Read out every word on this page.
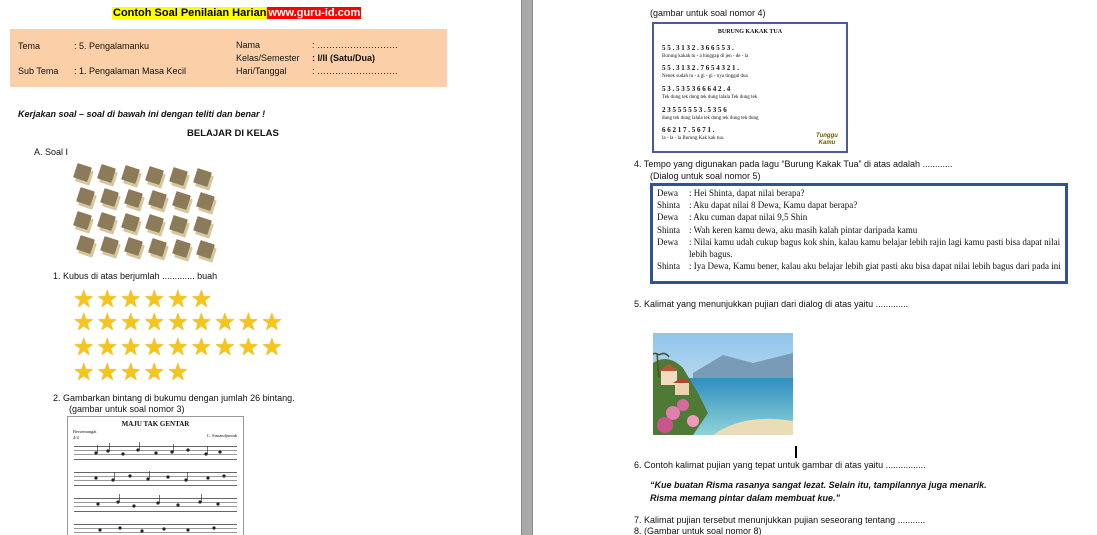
Contoh Soal Penilaian Harian www.guru-id.com
Tema	: 5. Pengalamanku
Sub Tema : 1. Pengalaman Masa Kecil
Nama	: ………………………
Kelas/Semester : I/II (Satu/Dua)
Hari/Tanggal	: ………………………
Kerjakan soal – soal di bawah ini dengan teliti dan benar !
BELAJAR DI KELAS
A. Soal I
1. Kubus di atas berjumlah ............. buah
★★★★★★
★★★★★★★★★
★★★★★★★★★
★★★★★
2. Gambarkan bintang di bukumu dengan jumlah 26 bintang.
(gambar untuk soal nomor 3)
MAJU TAK GENTAR
Bersemangat
4/4	C. Simandjuntak
(gambar untuk soal nomor 4)
BURUNG KAKAK TUA
5 5 . 3 1 3 2 . 3 6 6 5 5 3 .
Burung kakak tu - a hinggap di jen - de - la
5 5 . 3 1 3 2 . 7 6 5 4 3 2 1 .
Nenek sudah tu - a gi - gi - nya tinggal dua
5 3 . 5 3 5 3 6 6 6 4 2 . 4
Tek dung tek dung tek dung lalala Tek dung tek
2 3 5 5 5 5 5 3 . 5 3 5 6
dung tek dung lalala tek dung tek dung tek dung
6 6 2 1 7 . 5 6 7 1 .
la - la - la Burung Kak kak tua.	Tunggu Kamu
4. Tempo yang digunakan pada lagu “Burung Kakak Tua” di atas adalah ............
(Dialog untuk soal nomor 5)
Dewa	: Hei Shinta, dapat nilai berapa?
Shinta : Aku dapat nilai 8 Dewa, Kamu dapat berapa?
Dewa	: Aku cuman dapat nilai 9,5 Shin
Shinta : Wah keren kamu dewa, aku masih kalah pintar daripada kamu
Dewa	: Nilai kamu udah cukup bagus kok shin, kalau kamu belajar lebih rajin lagi kamu pasti bisa dapat nilai lebih bagus.
Shinta : Iya Dewa, Kamu bener, kalau aku belajar lebih giat pasti aku bisa dapat nilai lebih bagus dari pada ini
5. Kalimat yang menunjukkan pujian dari dialog di atas yaitu .............
6. Contoh kalimat pujian yang tepat untuk gambar di atas yaitu ................
“Kue buatan Risma rasanya sangat lezat. Selain itu, tampilannya juga menarik.
Risma memang pintar dalam membuat kue.”
7. Kalimat pujian tersebut menunjukkan pujian seseorang tentang ...........
8. (Gambar untuk soal nomor 8)
